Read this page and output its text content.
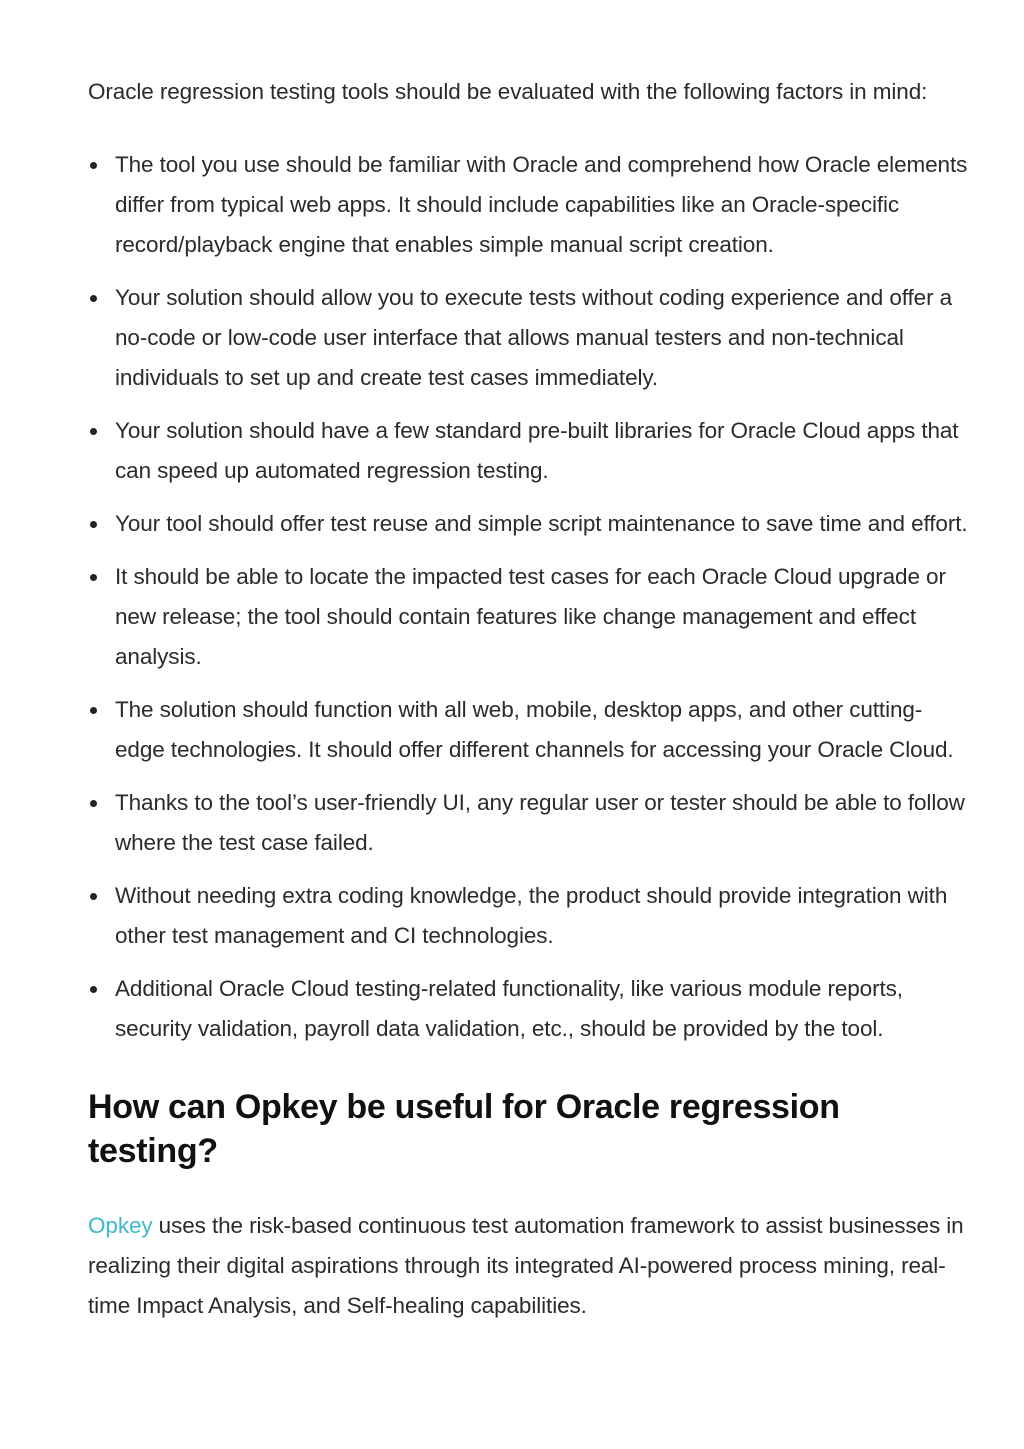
Oracle regression testing tools should be evaluated with the following factors in mind:

The tool you use should be familiar with Oracle and comprehend how Oracle elements differ from typical web apps. It should include capabilities like an Oracle-specific record/playback engine that enables simple manual script creation.
Your solution should allow you to execute tests without coding experience and offer a no-code or low-code user interface that allows manual testers and non-technical individuals to set up and create test cases immediately.
Your solution should have a few standard pre-built libraries for Oracle Cloud apps that can speed up automated regression testing.
Your tool should offer test reuse and simple script maintenance to save time and effort.
It should be able to locate the impacted test cases for each Oracle Cloud upgrade or new release; the tool should contain features like change management and effect analysis.
The solution should function with all web, mobile, desktop apps, and other cutting-edge technologies. It should offer different channels for accessing your Oracle Cloud.
Thanks to the tool’s user-friendly UI, any regular user or tester should be able to follow where the test case failed.
Without needing extra coding knowledge, the product should provide integration with other test management and CI technologies.
Additional Oracle Cloud testing-related functionality, like various module reports, security validation, payroll data validation, etc., should be provided by the tool.
How can Opkey be useful for Oracle regression testing?

Opkey uses the risk-based continuous test automation framework to assist businesses in realizing their digital aspirations through its integrated AI-powered process mining, real-time Impact Analysis, and Self-healing capabilities.
